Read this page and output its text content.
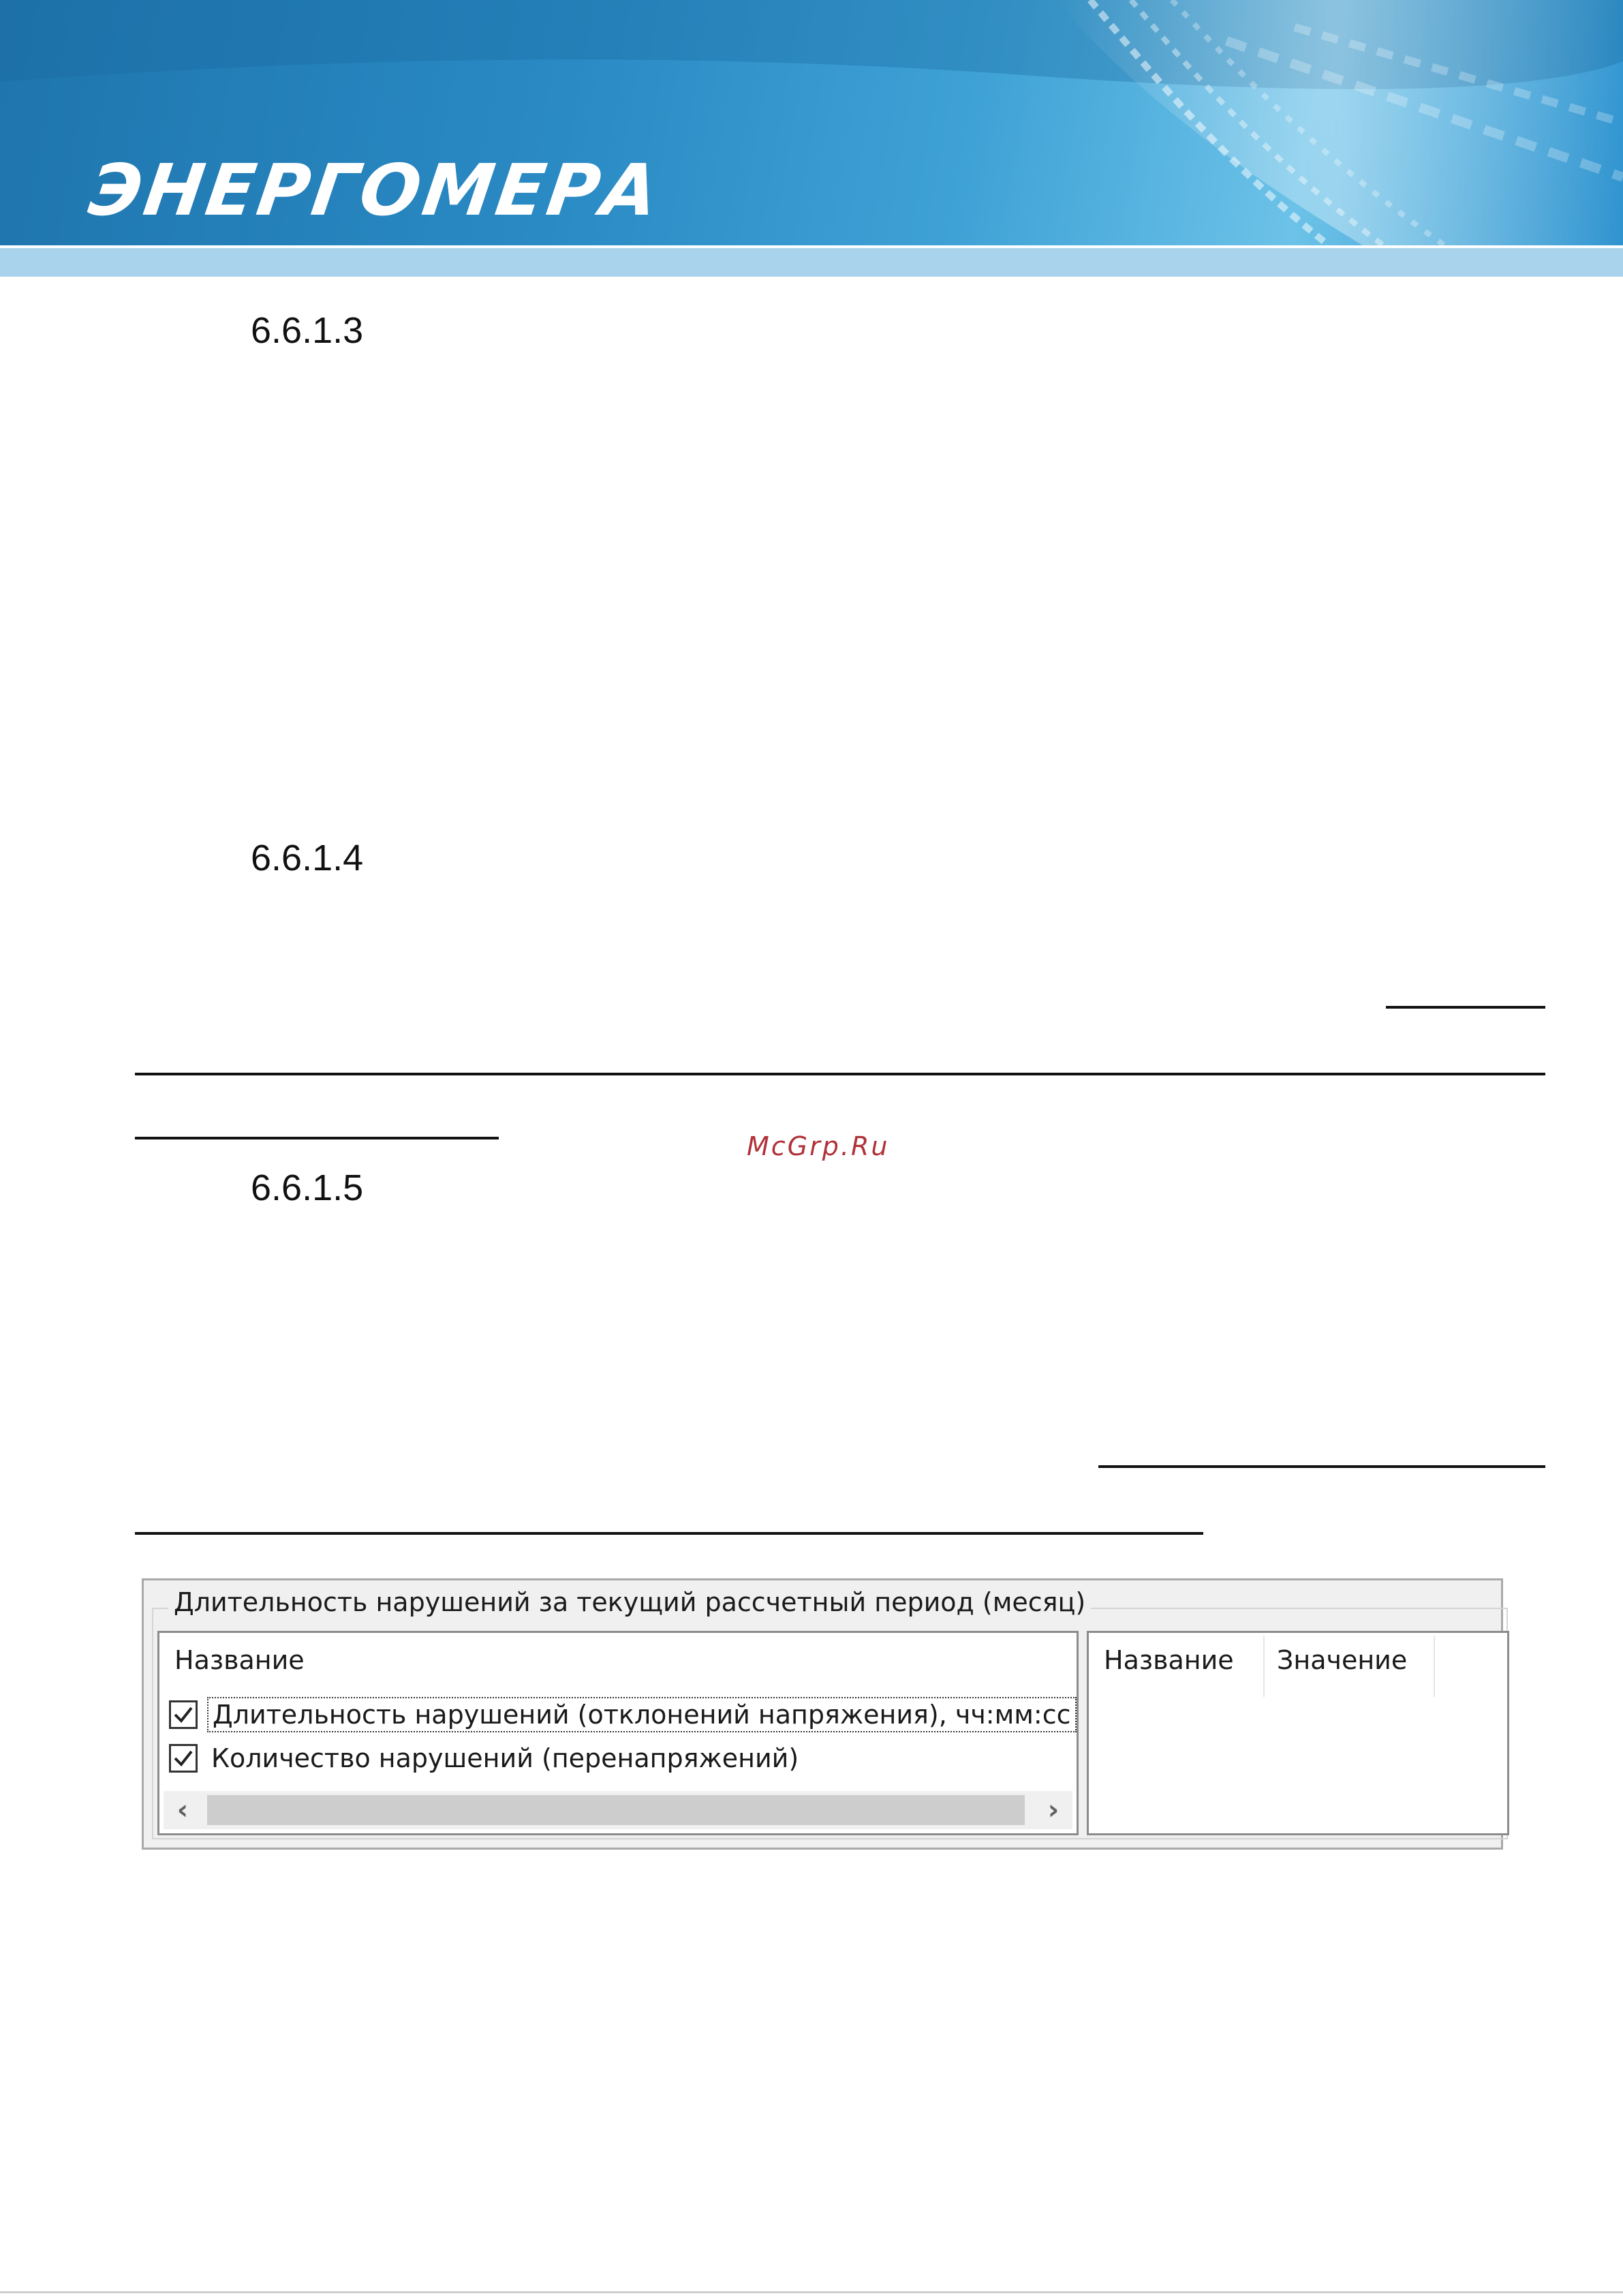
ЭНЕРГОМЕРА
6.6.1.3
6.6.1.4
6.6.1.5
McGrp.Ru
Длительность нарушений за текущий рассчетный период (месяц)
Название
Длительность нарушений (отклонений напряжения), чч:мм:сс
Количество нарушений (перенапряжений)
‹	›
Название Значение
